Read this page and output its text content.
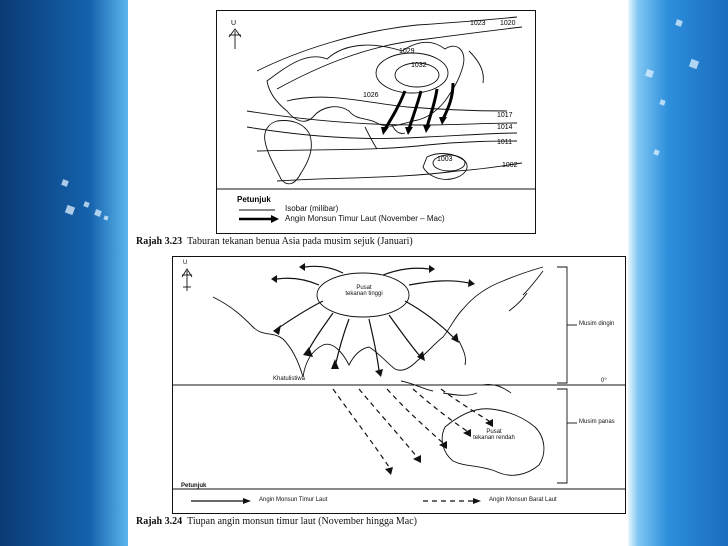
1023 1020
1029
1032
1026
1017
1014
1011
1003
1002
U
Petunjuk
Isobar (milibar)
Angin Monsun Timur Laut (November – Mac)
Rajah 3.23 Taburan tekanan benua Asia pada musim sejuk (Januari)
U
Pusat
tekanan tinggi
Pusat
tekanan rendah
Khatulistiwa	0°
Musim dingin
Musim panas
Petunjuk
Angin Monsun Timur Laut	Angin Monsun Barat Laut
Rajah 3.24 Tiupan angin monsun timur laut (November hingga Mac)
